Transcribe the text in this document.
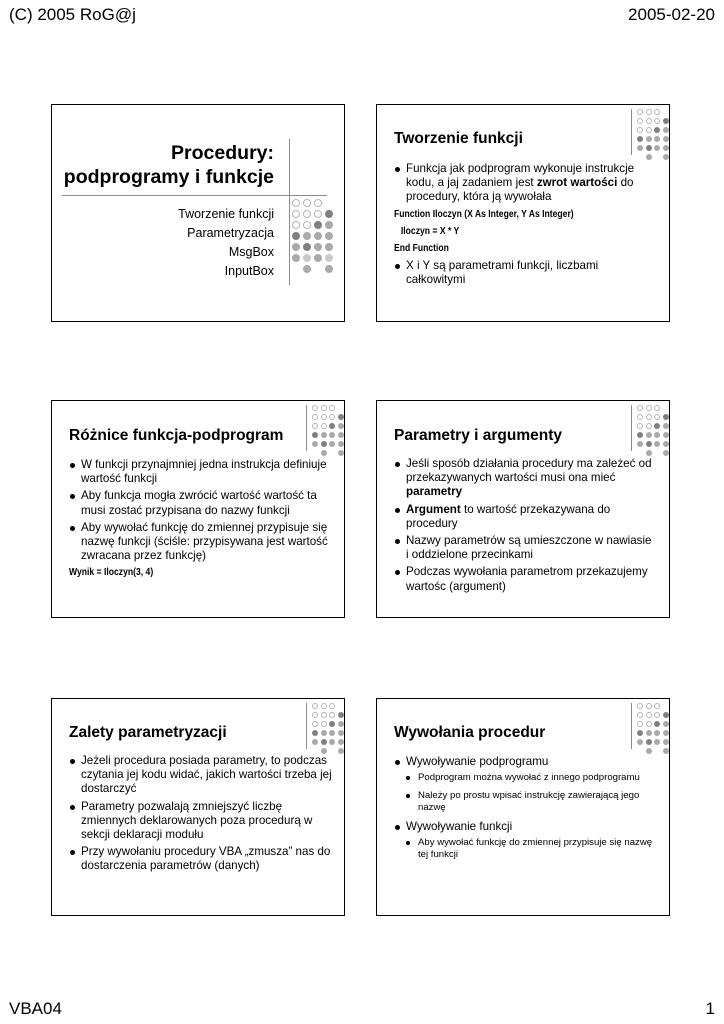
(C) 2005 RoG@j	2005-02-20
Procedury:
podprogramy i funkcje
Tworzenie funkcji
Parametryzacja
MsgBox
InputBox
Tworzenie funkcji
Funkcja jak podprogram wykonuje instrukcje kodu, a jaj zadaniem jest zwrot wartości do procedury, która ją wywołała
Function Iloczyn (X As Integer, Y As Integer)
Iloczyn = X * Y
End Function
X i Y są parametrami funkcji, liczbami całkowitymi
Różnice funkcja-podprogram
W funkcji przynajmniej jedna instrukcja definiuje wartość funkcji
Aby funkcja mogła zwrócić wartość wartość ta musi zostać przypisana do nazwy funkcji
Aby wywołać funkcję do zmiennej przypisuje się nazwę funkcji (ściśle: przypisywana jest wartość zwracana przez funkcję)
Wynik = Iloczyn(3, 4)
Parametry i argumenty
Jeśli sposób działania procedury ma zależeć od przekazywanych wartości musi ona mieć parametry
Argument to wartość przekazywana do procedury
Nazwy parametrów są umieszczone w nawiasie i oddzielone przecinkami
Podczas wywołania parametrom przekazujemy wartośc (argument)
Zalety parametryzacji
Jeżeli procedura posiada parametry, to podczas czytania jej kodu widać, jakich wartości trzeba jej dostarczyć
Parametry pozwalają zmniejszyć liczbę zmiennych deklarowanych poza procedurą w sekcji deklaracji modułu
Przy wywołaniu procedury VBA „zmusza” nas do dostarczenia parametrów (danych)
Wywołania procedur
Wywoływanie podprogramu
Podprogram można wywołać z innego podprogramu
Należy po prostu wpisać instrukcję zawierającą jego nazwę
Wywoływanie funkcji
Aby wywołać funkcję do zmiennej przypisuje się nazwę tej funkcji
VBA04	1
